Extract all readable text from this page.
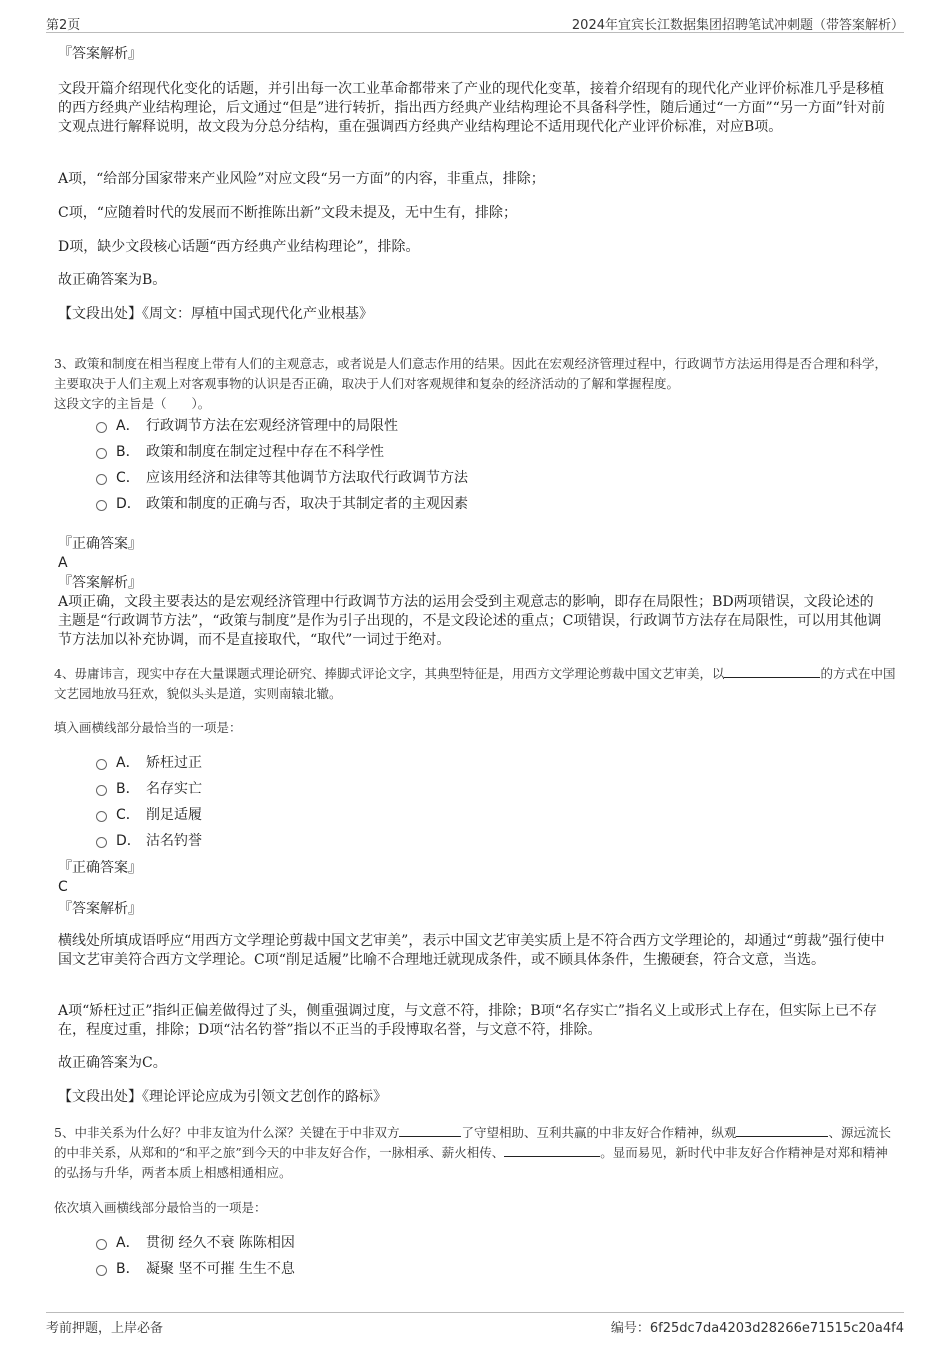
第2页	2024年宜宾长江数据集团招聘笔试冲刺题（带答案解析）
『答案解析』

文段开篇介绍现代化变化的话题，并引出每一次工业革命都带来了产业的现代化变革，接着介绍现有的现代化产业评价标准几乎是移植的西方经典产业结构理论，后文通过“但是”进行转折，指出西方经典产业结构理论不具备科学性，随后通过“一方面”“另一方面”针对前文观点进行解释说明，故文段为分总分结构，重在强调西方经典产业结构理论不适用现代化产业评价标准，对应B项。

A项，“给部分国家带来产业风险”对应文段“另一方面”的内容，非重点，排除；

C项，“应随着时代的发展而不断推陈出新”文段未提及，无中生有，排除；

D项，缺少文段核心话题“西方经典产业结构理论”，排除。

故正确答案为B。

【文段出处】《周文：厚植中国式现代化产业根基》

3、政策和制度在相当程度上带有人们的主观意志，或者说是人们意志作用的结果。因此在宏观经济管理过程中，行政调节方法运用得是否合理和科学，主要取决于人们主观上对客观事物的认识是否正确，取决于人们对客观规律和复杂的经济活动的了解和掌握程度。
这段文字的主旨是（　　）。
A． 行政调节方法在宏观经济管理中的局限性
B． 政策和制度在制定过程中存在不科学性
C． 应该用经济和法律等其他调节方法取代行政调节方法
D． 政策和制度的正确与否，取决于其制定者的主观因素
『正确答案』
A
『答案解析』

A项正确，文段主要表达的是宏观经济管理中行政调节方法的运用会受到主观意志的影响，即存在局限性；BD两项错误，文段论述的主题是“行政调节方法”，“政策与制度”是作为引子出现的，不是文段论述的重点；C项错误，行政调节方法存在局限性，可以用其他调节方法加以补充协调，而不是直接取代，“取代”一词过于绝对。

4、毋庸讳言，现实中存在大量课题式理论研究、捧脚式评论文字，其典型特征是，用西方文学理论剪裁中国文艺审美，以	的方式在中国文艺园地放马狂欢，貌似头头是道，实则南辕北辙。
填入画横线部分最恰当的一项是：
A． 矫枉过正
B． 名存实亡
C． 削足适履
D． 沽名钓誉
『正确答案』
C
『答案解析』

横线处所填成语呼应“用西方文学理论剪裁中国文艺审美”，表示中国文艺审美实质上是不符合西方文学理论的，却通过“剪裁”强行使中国文艺审美符合西方文学理论。C项“削足适履”比喻不合理地迁就现成条件，或不顾具体条件，生搬硬套，符合文意，当选。

A项“矫枉过正”指纠正偏差做得过了头，侧重强调过度，与文意不符，排除；B项“名存实亡”指名义上或形式上存在，但实际上已不存在，程度过重，排除；D项“沽名钓誉”指以不正当的手段博取名誉，与文意不符，排除。

故正确答案为C。

【文段出处】《理论评论应成为引领文艺创作的路标》

5、中非关系为什么好？中非友谊为什么深？关键在于中非双方	了守望相助、互利共赢的中非友好合作精神，纵观	、源远流长的中非关系，从郑和的“和平之旅”到今天的中非友好合作，一脉相承、薪火相传、	。显而易见，新时代中非友好合作精神是对郑和精神的弘扬与升华，两者本质上相感相通相应。
依次填入画横线部分最恰当的一项是：
A． 贯彻 经久不衰 陈陈相因
B． 凝聚 坚不可摧 生生不息
考前押题，上岸必备	编号：6f25dc7da4203d28266e71515c20a4f4
